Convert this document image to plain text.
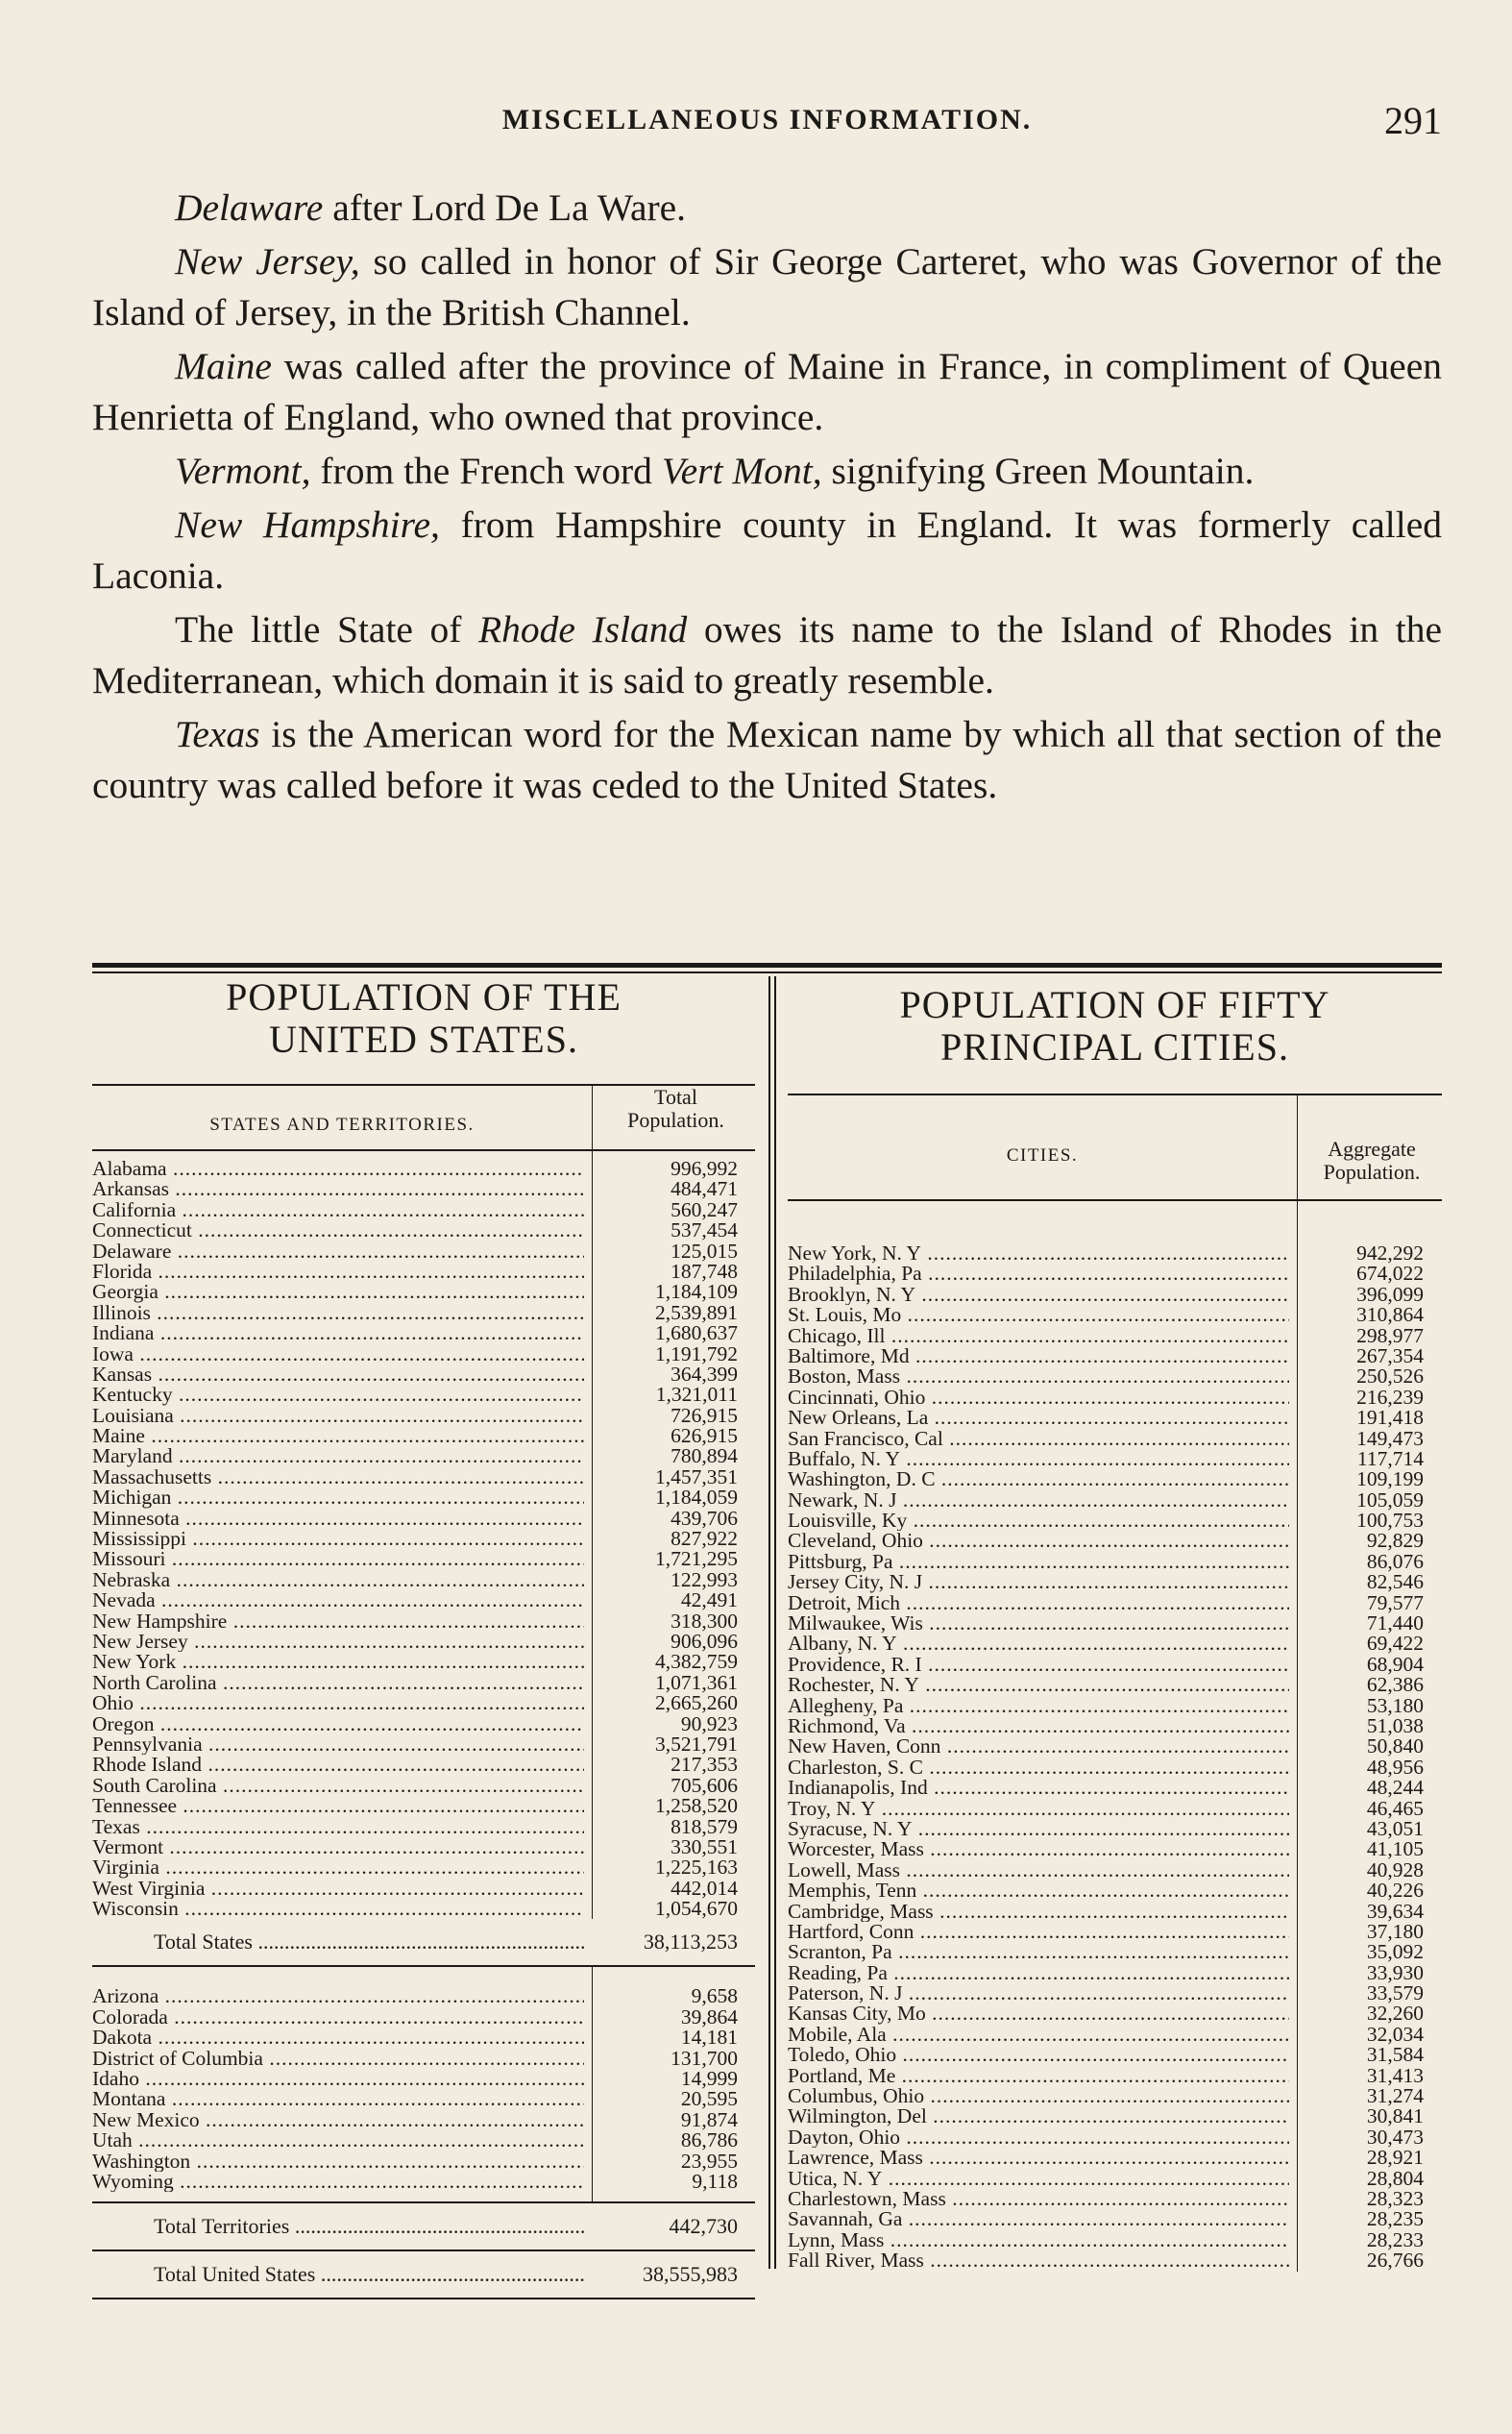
MISCELLANEOUS INFORMATION.	291

Delaware after Lord De La Ware.

New Jersey, so called in honor of Sir George Carteret, who was Governor of the Island of Jersey, in the British Channel.

Maine was called after the province of Maine in France, in compliment of Queen Henrietta of England, who owned that province.

Vermont, from the French word Vert Mont, signifying Green Mountain.

New Hampshire, from Hampshire county in England. It was formerly called Laconia.

The little State of Rhode Island owes its name to the Island of Rhodes in the Mediterranean, which domain it is said to greatly resemble.

Texas is the American word for the Mexican name by which all that section of the country was called before it was ceded to the United States.

POPULATION OF THE
UNITED STATES.
STATES AND TERRITORIES.
Total
Population.
Alabama .....	996,992
Arkansas .....	484,471
California .....	560,247
Connecticut .....	537,454
Delaware .....	125,015
Florida .....	187,748
Georgia .....	1,184,109
Illinois .....	2,539,891
Indiana .....	1,680,637
Iowa .....	1,191,792
Kansas .....	364,399
Kentucky .....	1,321,011
Louisiana .....	726,915
Maine .....	626,915
Maryland .....	780,894
Massachusetts .....	1,457,351
Michigan .....	1,184,059
Minnesota .....	439,706
Mississippi .....	827,922
Missouri .....	1,721,295
Nebraska .....	122,993
Nevada .....	42,491
New Hampshire .....	318,300
New Jersey .....	906,096
New York .....	4,382,759
North Carolina .....	1,071,361
Ohio .....	2,665,260
Oregon .....	90,923
Pennsylvania .....	3,521,791
Rhode Island .....	217,353
South Carolina .....	705,606
Tennessee .....	1,258,520
Texas .....	818,579
Vermont .....	330,551
Virginia .....	1,225,163
West Virginia .....	442,014
Wisconsin .....	1,054,670
Total States .....	38,113,253
Arizona .....	9,658
Colorada .....	39,864
Dakota .....	14,181
District of Columbia .....	131,700
Idaho .....	14,999
Montana .....	20,595
New Mexico .....	91,874
Utah .....	86,786
Washington .....	23,955
Wyoming .....	9,118
Total Territories .....	442,730
Total United States .....	38,555,983
POPULATION OF FIFTY
PRINCIPAL CITIES.
CITIES.	Aggregate
Population.
New York, N. Y .....	942,292
Philadelphia, Pa .....	674,022
Brooklyn, N. Y .....	396,099
St. Louis, Mo .....	310,864
Chicago, Ill .....	298,977
Baltimore, Md .....	267,354
Boston, Mass .....	250,526
Cincinnati, Ohio .....	216,239
New Orleans, La .....	191,418
San Francisco, Cal .....	149,473
Buffalo, N. Y .....	117,714
Washington, D. C .....	109,199
Newark, N. J .....	105,059
Louisville, Ky .....	100,753
Cleveland, Ohio .....	92,829
Pittsburg, Pa .....	86,076
Jersey City, N. J .....	82,546
Detroit, Mich .....	79,577
Milwaukee, Wis .....	71,440
Albany, N. Y .....	69,422
Providence, R. I .....	68,904
Rochester, N. Y .....	62,386
Allegheny, Pa .....	53,180
Richmond, Va .....	51,038
New Haven, Conn .....	50,840
Charleston, S. C .....	48,956
Indianapolis, Ind .....	48,244
Troy, N. Y .....	46,465
Syracuse, N. Y .....	43,051
Worcester, Mass .....	41,105
Lowell, Mass .....	40,928
Memphis, Tenn .....	40,226
Cambridge, Mass .....	39,634
Hartford, Conn .....	37,180
Scranton, Pa .....	35,092
Reading, Pa .....	33,930
Paterson, N. J .....	33,579
Kansas City, Mo .....	32,260
Mobile, Ala .....	32,034
Toledo, Ohio .....	31,584
Portland, Me .....	31,413
Columbus, Ohio .....	31,274
Wilmington, Del .....	30,841
Dayton, Ohio .....	30,473
Lawrence, Mass .....	28,921
Utica, N. Y .....	28,804
Charlestown, Mass .....	28,323
Savannah, Ga .....	28,235
Lynn, Mass .....	28,233
Fall River, Mass .....	26,766
